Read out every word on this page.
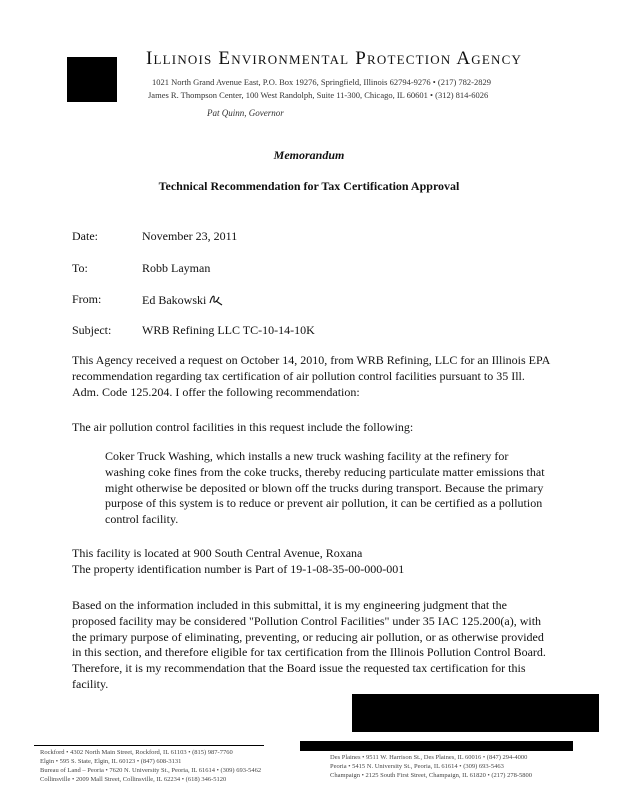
Illinois Environmental Protection Agency
1021 North Grand Avenue East, P.O. Box 19276, Springfield, Illinois 62794-9276 • (217) 782-2829
James R. Thompson Center, 100 West Randolph, Suite 11-300, Chicago, IL 60601 • (312) 814-6026
Pat Quinn, Governor
Memorandum
Technical Recommendation for Tax Certification Approval
Date:	November 23, 2011
To:	Robb Layman
From:	Ed Bakowski
Subject:	WRB Refining LLC TC-10-14-10K
This Agency received a request on October 14, 2010, from WRB Refining, LLC for an Illinois EPA recommendation regarding tax certification of air pollution control facilities pursuant to 35 Ill. Adm. Code 125.204. I offer the following recommendation:
The air pollution control facilities in this request include the following:
Coker Truck Washing, which installs a new truck washing facility at the refinery for washing coke fines from the coke trucks, thereby reducing particulate matter emissions that might otherwise be deposited or blown off the trucks during transport. Because the primary purpose of this system is to reduce or prevent air pollution, it can be certified as a pollution control facility.
This facility is located at 900 South Central Avenue, Roxana
The property identification number is Part of 19-1-08-35-00-000-001
Based on the information included in this submittal, it is my engineering judgment that the proposed facility may be considered "Pollution Control Facilities" under 35 IAC 125.200(a), with the primary purpose of eliminating, preventing, or reducing air pollution, or as otherwise provided in this section, and therefore eligible for tax certification from the Illinois Pollution Control Board. Therefore, it is my recommendation that the Board issue the requested tax certification for this facility.
Rockford • 4302 North Main Street, Rockford, IL 61103 • (815) 987-7760
Elgin • 595 S. State, Elgin, IL 60123 • (847) 608-3131
Bureau of Land – Peoria • 7620 N. University St., Peoria, IL 61614 • (309) 693-5462
Collinsville • 2009 Mall Street, Collinsville, IL 62234 • (618) 346-5120
Des Plaines • 9511 W. Harrison St., Des Plaines, IL 60016 • (847) 294-4000
Peoria • 5415 N. University St., Peoria, IL 61614 • (309) 693-5463
Champaign • 2125 South First Street, Champaign, IL 61820 • (217) 278-5800
